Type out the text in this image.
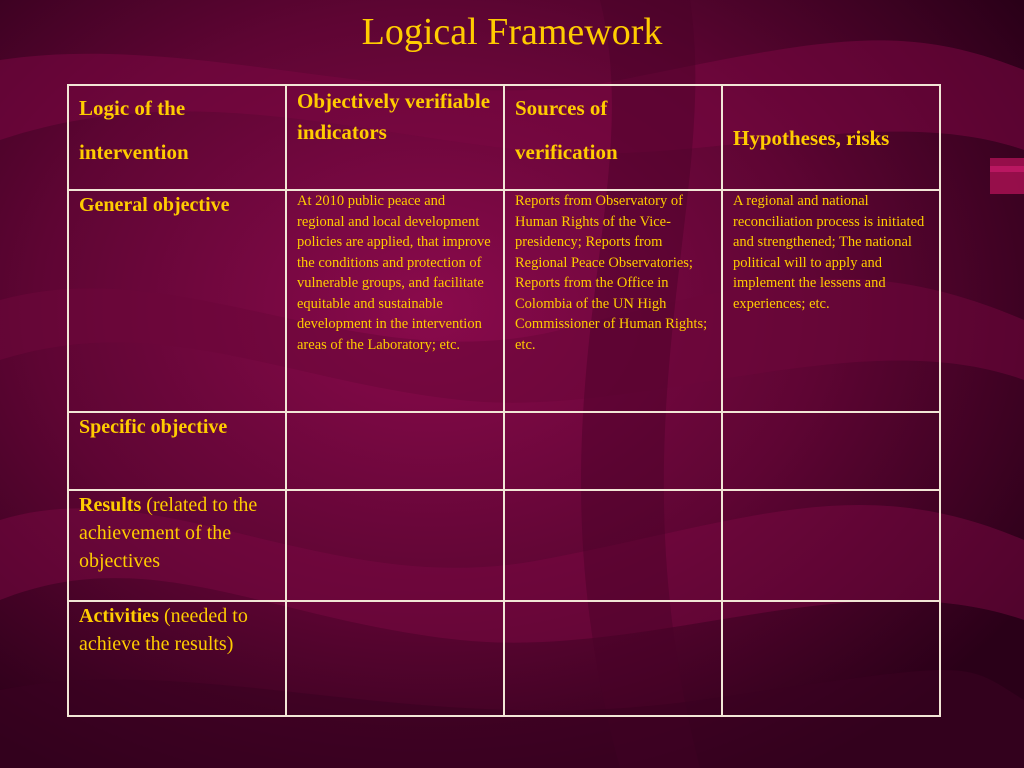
Logical Framework
Logic of the intervention	Objectively verifiable indicators	Sources of verification	Hypotheses, risks
General objective	At 2010 public peace and regional and local development policies are applied, that improve the conditions and protection of vulnerable groups, and facilitate equitable and sustainable development in the intervention areas of the Laboratory; etc.	Reports from Observatory of Human Rights of the Vice-presidency; Reports from Regional Peace Observatories; Reports from the Office in Colombia of the UN High Commissioner of Human Rights; etc.	A regional and national reconciliation process is initiated and strengthened; The national political will to apply and implement the lessens and experiences; etc.
Specific objective			
Results (related to the achievement of the objectives			
Activities (needed to achieve the results)			
